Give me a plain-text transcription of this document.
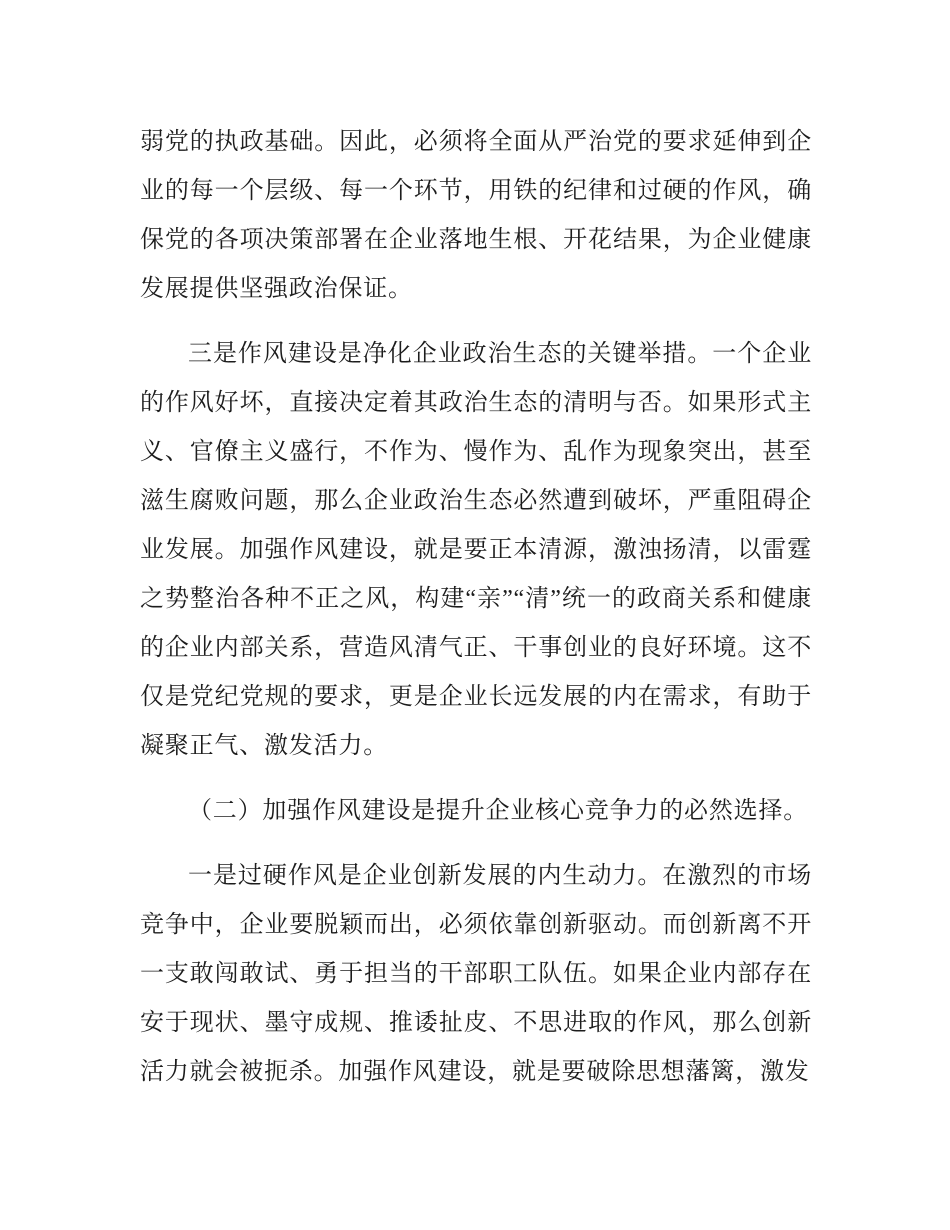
弱党的执政基础。因此，必须将全面从严治党的要求延伸到企业的每一个层级、每一个环节，用铁的纪律和过硬的作风，确保党的各项决策部署在企业落地生根、开花结果，为企业健康发展提供坚强政治保证。

三是作风建设是净化企业政治生态的关键举措。一个企业的作风好坏，直接决定着其政治生态的清明与否。如果形式主义、官僚主义盛行，不作为、慢作为、乱作为现象突出，甚至滋生腐败问题，那么企业政治生态必然遭到破坏，严重阻碍企业发展。加强作风建设，就是要正本清源，激浊扬清，以雷霆之势整治各种不正之风，构建“亲”“清”统一的政商关系和健康的企业内部关系，营造风清气正、干事创业的良好环境。这不仅是党纪党规的要求，更是企业长远发展的内在需求，有助于凝聚正气、激发活力。

（二）加强作风建设是提升企业核心竞争力的必然选择。

一是过硬作风是企业创新发展的内生动力。在激烈的市场竞争中，企业要脱颖而出，必须依靠创新驱动。而创新离不开一支敢闯敢试、勇于担当的干部职工队伍。如果企业内部存在安于现状、墨守成规、推诿扯皮、不思进取的作风，那么创新活力就会被扼杀。加强作风建设，就是要破除思想藩篱，激发
